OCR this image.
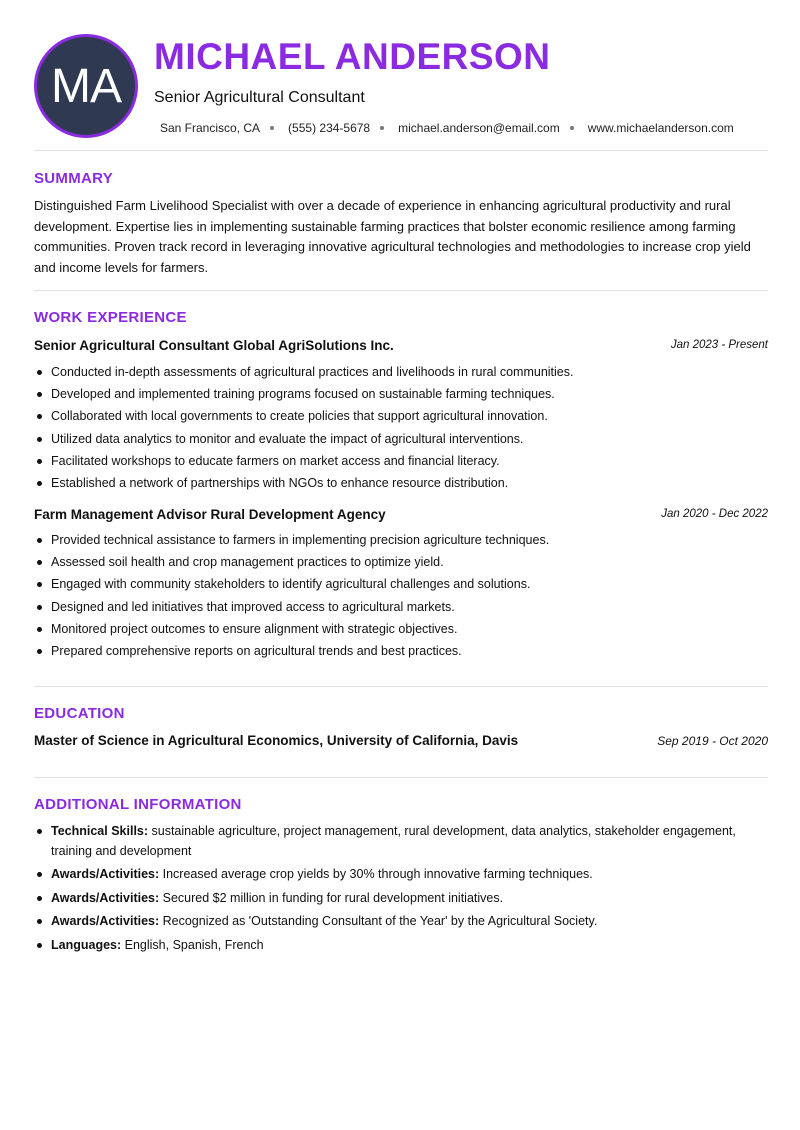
MA
MICHAEL ANDERSON
Senior Agricultural Consultant
San Francisco, CA (555) 234-5678 michael.anderson@email.com www.michaelanderson.com
SUMMARY
Distinguished Farm Livelihood Specialist with over a decade of experience in enhancing agricultural productivity and rural development. Expertise lies in implementing sustainable farming practices that bolster economic resilience among farming communities. Proven track record in leveraging innovative agricultural technologies and methodologies to increase crop yield and income levels for farmers.
WORK EXPERIENCE
Senior Agricultural Consultant Global AgriSolutions Inc.	Jan 2023 - Present
Conducted in-depth assessments of agricultural practices and livelihoods in rural communities.
Developed and implemented training programs focused on sustainable farming techniques.
Collaborated with local governments to create policies that support agricultural innovation.
Utilized data analytics to monitor and evaluate the impact of agricultural interventions.
Facilitated workshops to educate farmers on market access and financial literacy.
Established a network of partnerships with NGOs to enhance resource distribution.
Farm Management Advisor Rural Development Agency	Jan 2020 - Dec 2022
Provided technical assistance to farmers in implementing precision agriculture techniques.
Assessed soil health and crop management practices to optimize yield.
Engaged with community stakeholders to identify agricultural challenges and solutions.
Designed and led initiatives that improved access to agricultural markets.
Monitored project outcomes to ensure alignment with strategic objectives.
Prepared comprehensive reports on agricultural trends and best practices.
EDUCATION
Master of Science in Agricultural Economics, University of California, Davis	Sep 2019 - Oct 2020
ADDITIONAL INFORMATION
Technical Skills: sustainable agriculture, project management, rural development, data analytics, stakeholder engagement, training and development
Awards/Activities: Increased average crop yields by 30% through innovative farming techniques.
Awards/Activities: Secured $2 million in funding for rural development initiatives.
Awards/Activities: Recognized as 'Outstanding Consultant of the Year' by the Agricultural Society.
Languages: English, Spanish, French
